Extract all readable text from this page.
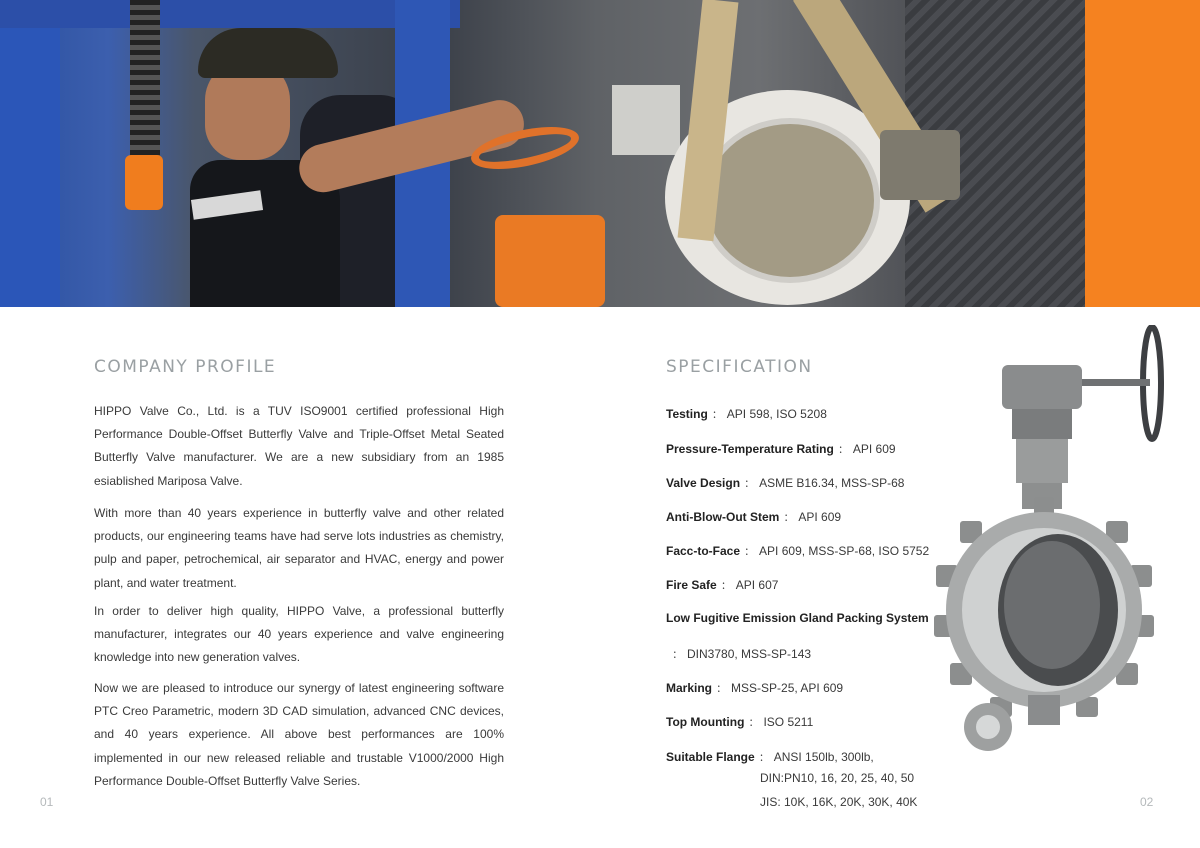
COMPANY PROFILE

HIPPO Valve Co., Ltd. is a TUV ISO9001 certified professional High Performance Double-Offset Butterfly Valve and Triple-Offset Metal Seated Butterfly Valve manufacturer. We are a new subsidiary from an 1985 esiablished Mariposa Valve.

With more than 40 years experience in butterfly valve and other related products, our engineering teams have had serve lots industries as chemistry, pulp and paper, petrochemical, air separator and HVAC, energy and power plant, and water treatment.

In order to deliver high quality, HIPPO Valve, a professional butterfly manufacturer, integrates our 40 years experience and valve engineering knowledge into new generation valves.

Now we are pleased to introduce our synergy of latest engineering software PTC Creo Parametric, modern 3D CAD simulation, advanced CNC devices, and 40 years experience. All above best performances are 100% implemented in our new released reliable and trustable V1000/2000 High Performance Double-Offset Butterfly Valve Series.

SPECIFICATION
Testing ： API 598, ISO 5208
Pressure-Temperature Rating ： API 609
Valve Design ： ASME B16.34, MSS-SP-68
Anti-Blow-Out Stem ： API 609
Facc-to-Face ： API 609, MSS-SP-68, ISO 5752
Fire Safe ： API 607
Low Fugitive Emission Gland Packing System
： DIN3780, MSS-SP-143
Marking ： MSS-SP-25, API 609
Top Mounting ： ISO 5211
Suitable Flange ： ANSI 150lb, 300lb,
DIN:PN10, 16, 20, 25, 40, 50
JIS: 10K, 16K, 20K, 30K, 40K
01	02
